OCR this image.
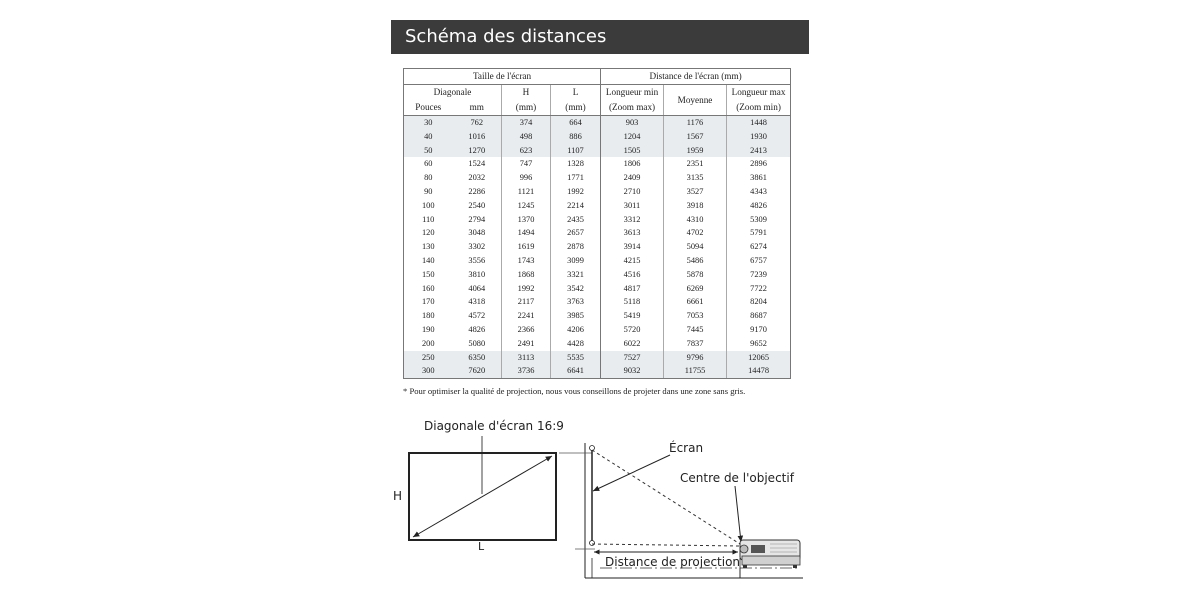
Schéma des distances
Taille de l'écran				Distance de l'écran (mm)		
Diagonale		H	L	Longueur min	Moyenne	Longueur max
Pouces	mm	(mm)	(mm)	(Zoom max)		(Zoom min)
30	762	374	664	903	1176	1448
40	1016	498	886	1204	1567	1930
50	1270	623	1107	1505	1959	2413
60	1524	747	1328	1806	2351	2896
80	2032	996	1771	2409	3135	3861
90	2286	1121	1992	2710	3527	4343
100	2540	1245	2214	3011	3918	4826
110	2794	1370	2435	3312	4310	5309
120	3048	1494	2657	3613	4702	5791
130	3302	1619	2878	3914	5094	6274
140	3556	1743	3099	4215	5486	6757
150	3810	1868	3321	4516	5878	7239
160	4064	1992	3542	4817	6269	7722
170	4318	2117	3763	5118	6661	8204
180	4572	2241	3985	5419	7053	8687
190	4826	2366	4206	5720	7445	9170
200	5080	2491	4428	6022	7837	9652
250	6350	3113	5535	7527	9796	12065
300	7620	3736	6641	9032	11755	14478
* Pour optimiser la qualité de projection, nous vous conseillons de projeter dans une zone sans gris.
Diagonale d'écran 16:9
H
L
Écran
Centre de l'objectif
Distance de projection
